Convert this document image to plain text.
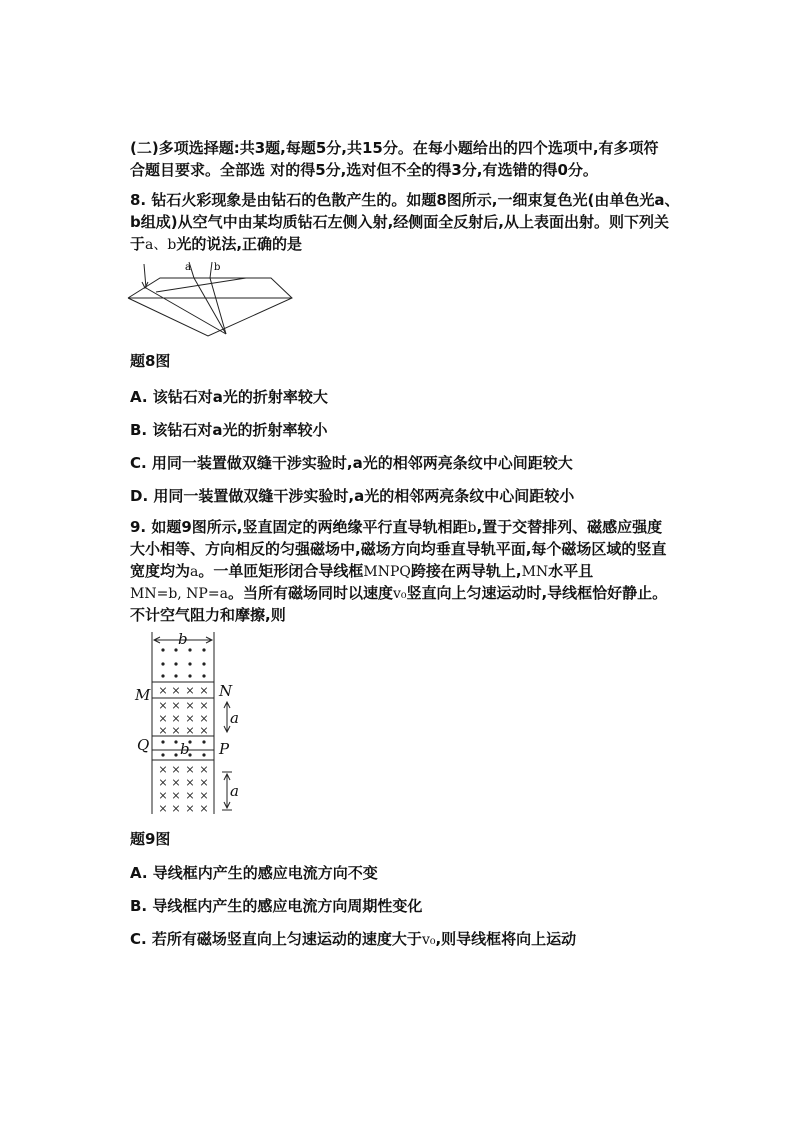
(二)多项选择题:共3题,每题5分,共15分。在每小题给出的四个选项中,有多项符
合题目要求。全部选 对的得5分,选对但不全的得3分,有选错的得0分。
8. 钻石火彩现象是由钻石的色散产生的。如题8图所示,一细束复色光(由单色光a、
b组成)从空气中由某均质钻石左侧入射,经侧面全反射后,从上表面出射。则下列关
于a、b光的说法,正确的是
a b
题8图
A. 该钻石对a光的折射率较大
B. 该钻石对a光的折射率较小
C. 用同一装置做双缝干涉实验时,a光的相邻两亮条纹中心间距较大
D. 用同一装置做双缝干涉实验时,a光的相邻两亮条纹中心间距较小
9. 如题9图所示,竖直固定的两绝缘平行直导轨相距b,置于交替排列、磁感应强度
大小相等、方向相反的匀强磁场中,磁场方向均垂直导轨平面,每个磁场区域的竖直
宽度均为a。一单匝矩形闭合导线框MNPQ跨接在两导轨上,MN水平且
MN=b, NP=a。当所有磁场同时以速度v₀竖直向上匀速运动时,导线框恰好静止。
不计空气阻力和摩擦,则
× × × ×
× × × ×
× × × ×
× × × ×
× × × ×
× × × ×
× × × ×
× × × ×
b
M	N
a
Q b P
a
题9图
A. 导线框内产生的感应电流方向不变
B. 导线框内产生的感应电流方向周期性变化
C. 若所有磁场竖直向上匀速运动的速度大于v₀,则导线框将向上运动
